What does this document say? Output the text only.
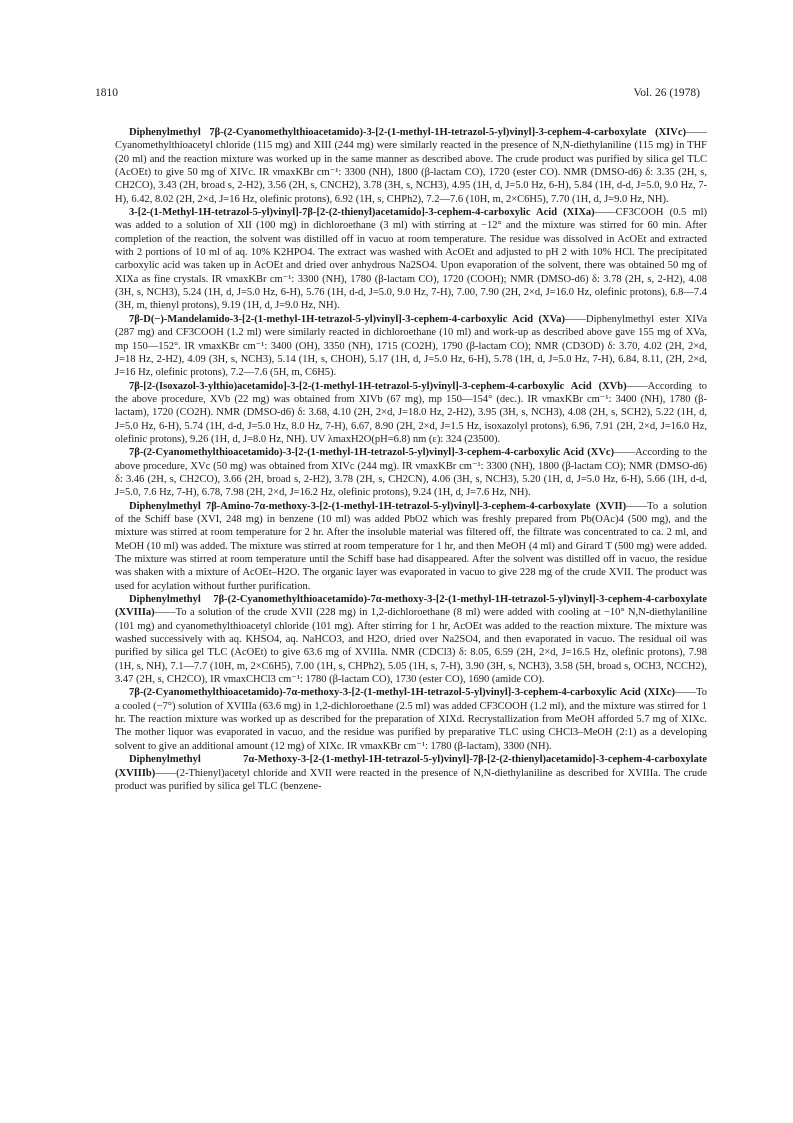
1810	Vol. 26 (1978)

Diphenylmethyl 7β-(2-Cyanomethylthioacetamido)-3-[2-(1-methyl-1H-tetrazol-5-yl)vinyl]-3-cephem-4-carboxylate (XIVc)——Cyanomethylthioacetyl chloride (115 mg) and XIII (244 mg) were similarly reacted in the presence of N,N-diethylaniline (115 mg) in THF (20 ml) and the reaction mixture was worked up in the same manner as described above. The crude product was purified by silica gel TLC (AcOEt) to give 50 mg of XIVc. IR νmaxKBr cm⁻¹: 3300 (NH), 1800 (β-lactam CO), 1720 (ester CO). NMR (DMSO-d6) δ: 3.35 (2H, s, CH2CO), 3.43 (2H, broad s, 2-H2), 3.56 (2H, s, CNCH2), 3.78 (3H, s, NCH3), 4.95 (1H, d, J=5.0 Hz, 6-H), 5.84 (1H, d-d, J=5.0, 9.0 Hz, 7-H), 6.42, 8.02 (2H, 2×d, J=16 Hz, olefinic protons), 6.92 (1H, s, CHPh2), 7.2—7.6 (10H, m, 2×C6H5), 7.70 (1H, d, J=9.0 Hz, NH).

3-[2-(1-Methyl-1H-tetrazol-5-yl)vinyl]-7β-[2-(2-thienyl)acetamido]-3-cephem-4-carboxylic Acid (XIXa)——CF3COOH (0.5 ml) was added to a solution of XII (100 mg) in dichloroethane (3 ml) with stirring at −12° and the mixture was stirred for 60 min. After completion of the reaction, the solvent was distilled off in vacuo at room temperature. The residue was dissolved in AcOEt and extracted with 2 portions of 10 ml of aq. 10% K2HPO4. The extract was washed with AcOEt and adjusted to pH 2 with 10% HCl. The precipitated carboxylic acid was taken up in AcOEt and dried over anhydrous Na2SO4. Upon evaporation of the solvent, there was obtained 50 mg of XIXa as fine crystals. IR νmaxKBr cm⁻¹: 3300 (NH), 1780 (β-lactam CO), 1720 (COOH); NMR (DMSO-d6) δ: 3.78 (2H, s, 2-H2), 4.08 (3H, s, NCH3), 5.24 (1H, d, J=5.0 Hz, 6-H), 5.76 (1H, d-d, J=5.0, 9.0 Hz, 7-H), 7.00, 7.90 (2H, 2×d, J=16.0 Hz, olefinic protons), 6.8—7.4 (3H, m, thienyl protons), 9.19 (1H, d, J=9.0 Hz, NH).

7β-D(−)-Mandelamido-3-[2-(1-methyl-1H-tetrazol-5-yl)vinyl]-3-cephem-4-carboxylic Acid (XVa)——Diphenylmethyl ester XIVa (287 mg) and CF3COOH (1.2 ml) were similarly reacted in dichloroethane (10 ml) and work-up as described above gave 155 mg of XVa, mp 150—152°. IR νmaxKBr cm⁻¹: 3400 (OH), 3350 (NH), 1715 (CO2H), 1790 (β-lactam CO); NMR (CD3OD) δ: 3.70, 4.02 (2H, 2×d, J=18 Hz, 2-H2), 4.09 (3H, s, NCH3), 5.14 (1H, s, CHOH), 5.17 (1H, d, J=5.0 Hz, 6-H), 5.78 (1H, d, J=5.0 Hz, 7-H), 6.84, 8.11, (2H, 2×d, J=16 Hz, olefinic protons), 7.2—7.6 (5H, m, C6H5).

7β-[2-(Isoxazol-3-ylthio)acetamido]-3-[2-(1-methyl-1H-tetrazol-5-yl)vinyl]-3-cephem-4-carboxylic Acid (XVb)——According to the above procedure, XVb (22 mg) was obtained from XIVb (67 mg), mp 150—154° (dec.). IR νmaxKBr cm⁻¹: 3400 (NH), 1780 (β-lactam), 1720 (CO2H). NMR (DMSO-d6) δ: 3.68, 4.10 (2H, 2×d, J=18.0 Hz, 2-H2), 3.95 (3H, s, NCH3), 4.08 (2H, s, SCH2), 5.22 (1H, d, J=5.0 Hz, 6-H), 5.74 (1H, d-d, J=5.0 Hz, 8.0 Hz, 7-H), 6.67, 8.90 (2H, 2×d, J=1.5 Hz, isoxazolyl protons), 6.96, 7.91 (2H, 2×d, J=16.0 Hz, olefinic protons), 9.26 (1H, d, J=8.0 Hz, NH). UV λmaxH2O(pH=6.8) nm (ε): 324 (23500).

7β-(2-Cyanomethylthioacetamido)-3-[2-(1-methyl-1H-tetrazol-5-yl)vinyl]-3-cephem-4-carboxylic Acid (XVc)——According to the above procedure, XVc (50 mg) was obtained from XIVc (244 mg). IR νmaxKBr cm⁻¹: 3300 (NH), 1800 (β-lactam CO); NMR (DMSO-d6) δ: 3.46 (2H, s, CH2CO), 3.66 (2H, broad s, 2-H2), 3.78 (2H, s, CH2CN), 4.06 (3H, s, NCH3), 5.20 (1H, d, J=5.0 Hz, 6-H), 5.66 (1H, d-d, J=5.0, 7.6 Hz, 7-H), 6.78, 7.98 (2H, 2×d, J=16.2 Hz, olefinic protons), 9.24 (1H, d, J=7.6 Hz, NH).

Diphenylmethyl 7β-Amino-7α-methoxy-3-[2-(1-methyl-1H-tetrazol-5-yl)vinyl]-3-cephem-4-carboxylate (XVII)——To a solution of the Schiff base (XVI, 248 mg) in benzene (10 ml) was added PbO2 which was freshly prepared from Pb(OAc)4 (500 mg), and the mixture was stirred at room temperature for 2 hr. After the insoluble material was filtered off, the filtrate was concentrated to ca. 2 ml, and MeOH (10 ml) was added. The mixture was stirred at room temperature for 1 hr, and then MeOH (4 ml) and Girard T (500 mg) were added. The mixture was stirred at room temperature until the Schiff base had disappeared. After the solvent was distilled off in vacuo, the residue was shaken with a mixture of AcOEt–H2O. The organic layer was evaporated in vacuo to give 228 mg of the crude XVII. The product was used for acylation without further purification.

Diphenylmethyl 7β-(2-Cyanomethylthioacetamido)-7α-methoxy-3-[2-(1-methyl-1H-tetrazol-5-yl)vinyl]-3-cephem-4-carboxylate (XVIIIa)——To a solution of the crude XVII (228 mg) in 1,2-dichloroethane (8 ml) were added with cooling at −10° N,N-diethylaniline (101 mg) and cyanomethylthioacetyl chloride (101 mg). After stirring for 1 hr, AcOEt was added to the reaction mixture. The mixture was washed successively with aq. KHSO4, aq. NaHCO3, and H2O, dried over Na2SO4, and then evaporated in vacuo. The residual oil was purified by silica gel TLC (AcOEt) to give 63.6 mg of XVIIIa. NMR (CDCl3) δ: 8.05, 6.59 (2H, 2×d, J=16.5 Hz, olefinic protons), 7.98 (1H, s, NH), 7.1—7.7 (10H, m, 2×C6H5), 7.00 (1H, s, CHPh2), 5.05 (1H, s, 7-H), 3.90 (3H, s, NCH3), 3.58 (5H, broad s, OCH3, NCCH2), 3.47 (2H, s, CH2CO), IR νmaxCHCl3 cm⁻¹: 1780 (β-lactam CO), 1730 (ester CO), 1690 (amide CO).

7β-(2-Cyanomethylthioacetamido)-7α-methoxy-3-[2-(1-methyl-1H-tetrazol-5-yl)vinyl]-3-cephem-4-carboxylic Acid (XIXc)——To a cooled (−7°) solution of XVIIIa (63.6 mg) in 1,2-dichloroethane (2.5 ml) was added CF3COOH (1.2 ml), and the mixture was stirred for 1 hr. The reaction mixture was worked up as described for the preparation of XIXd. Recrystallization from MeOH afforded 5.7 mg of XIXc. The mother liquor was evaporated in vacuo, and the residue was purified by preparative TLC using CHCl3–MeOH (2:1) as a developing solvent to give an additional amount (12 mg) of XIXc. IR νmaxKBr cm⁻¹: 1780 (β-lactam), 3300 (NH).

Diphenylmethyl 7α-Methoxy-3-[2-(1-methyl-1H-tetrazol-5-yl)vinyl]-7β-[2-(2-thienyl)acetamido]-3-cephem-4-carboxylate (XVIIIb)——(2-Thienyl)acetyl chloride and XVII were reacted in the presence of N,N-diethylaniline as described for XVIIIa. The crude product was purified by silica gel TLC (benzene-
